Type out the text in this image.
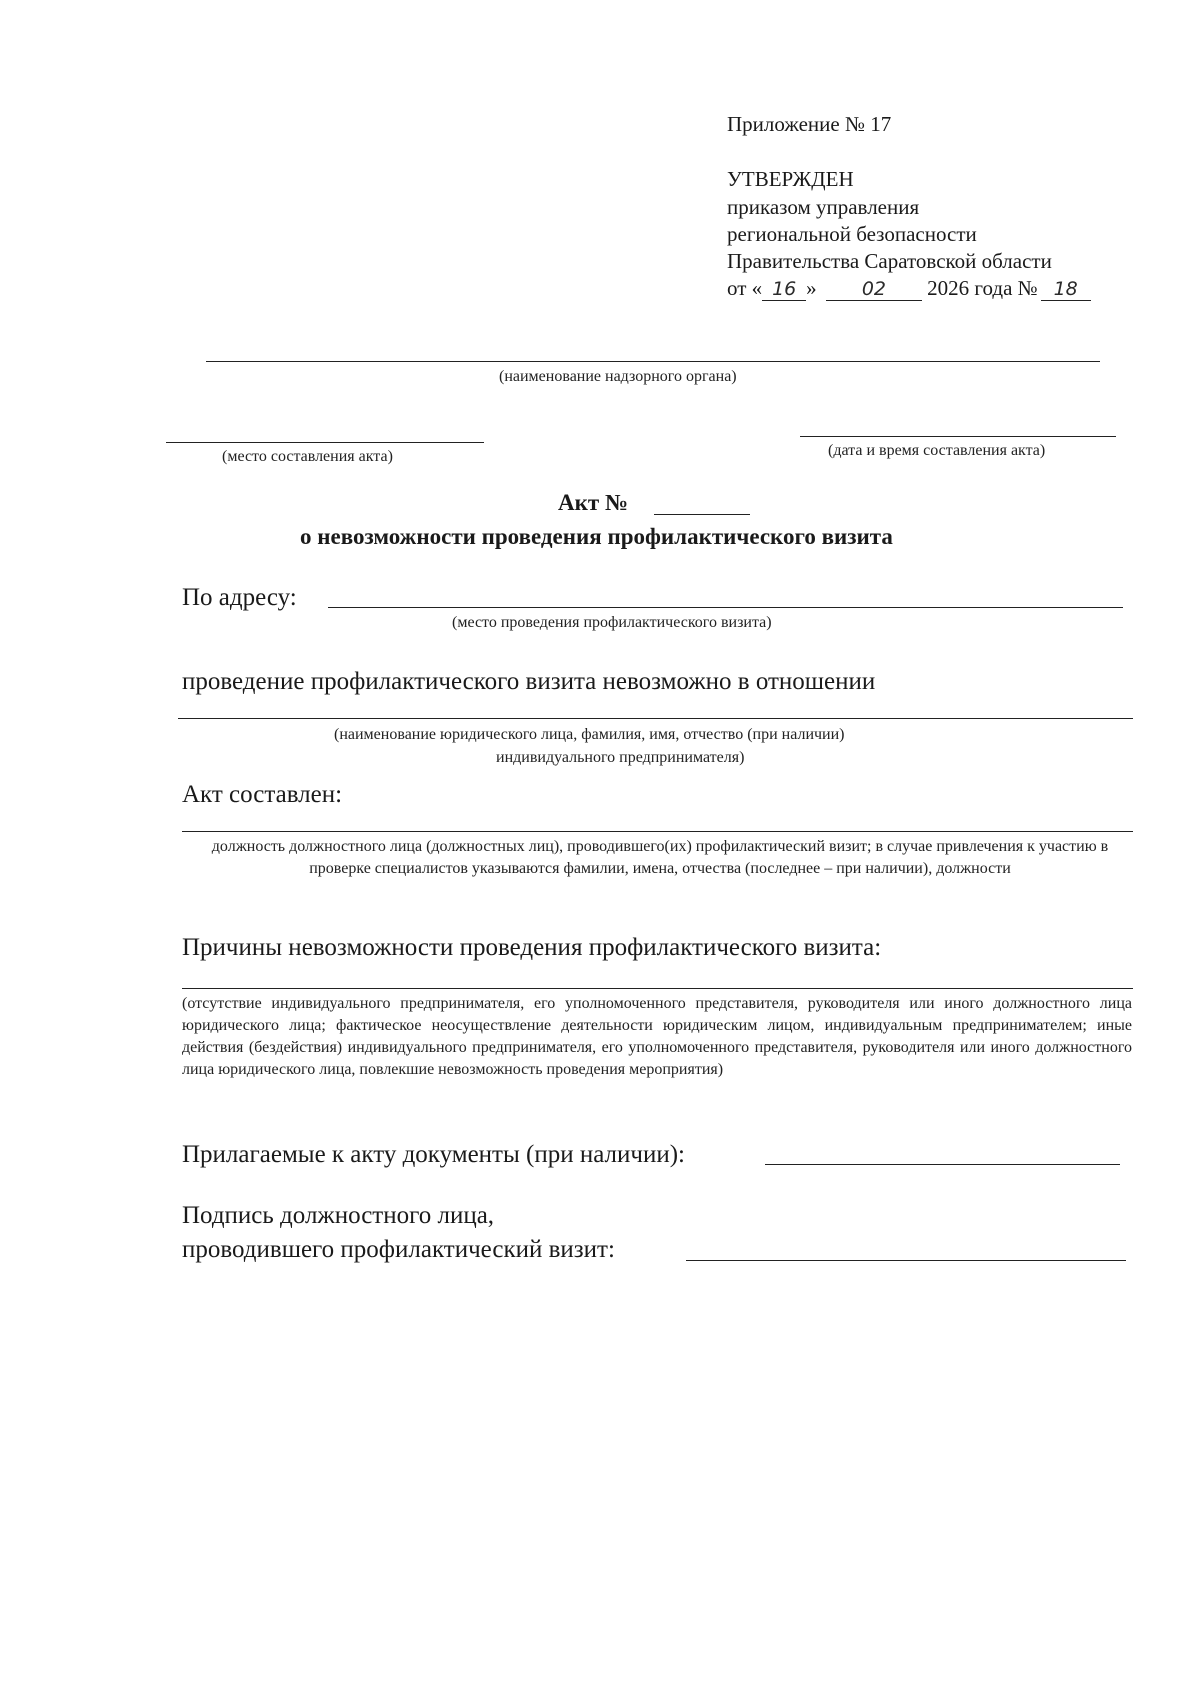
Приложение № 17
УТВЕРЖДЕН
приказом управления
региональной безопасности
Правительства Саратовской области
от « 16 » 02 2026 года № 18
(наименование надзорного органа)
(место составления акта)	(дата и время составления акта)
Акт №
о невозможности проведения профилактического визита
По адресу:
(место проведения профилактического визита)
проведение профилактического визита невозможно в отношении
(наименование юридического лица, фамилия, имя, отчество (при наличии)
индивидуального предпринимателя)
Акт составлен:
должность должностного лица (должностных лиц), проводившего(их) профилактический визит; в случае привлечения к участию в проверке специалистов указываются фамилии, имена, отчества (последнее – при наличии), должности
Причины невозможности проведения профилактического визита:
(отсутствие индивидуального предпринимателя, его уполномоченного представителя, руководителя или иного должностного лица юридического лица; фактическое неосуществление деятельности юридическим лицом, индивидуальным предпринимателем; иные действия (бездействия) индивидуального предпринимателя, его уполномоченного представителя, руководителя или иного должностного лица юридического лица, повлекшие невозможность проведения мероприятия)
Прилагаемые к акту документы (при наличии):
Подпись должностного лица,
проводившего профилактический визит:
